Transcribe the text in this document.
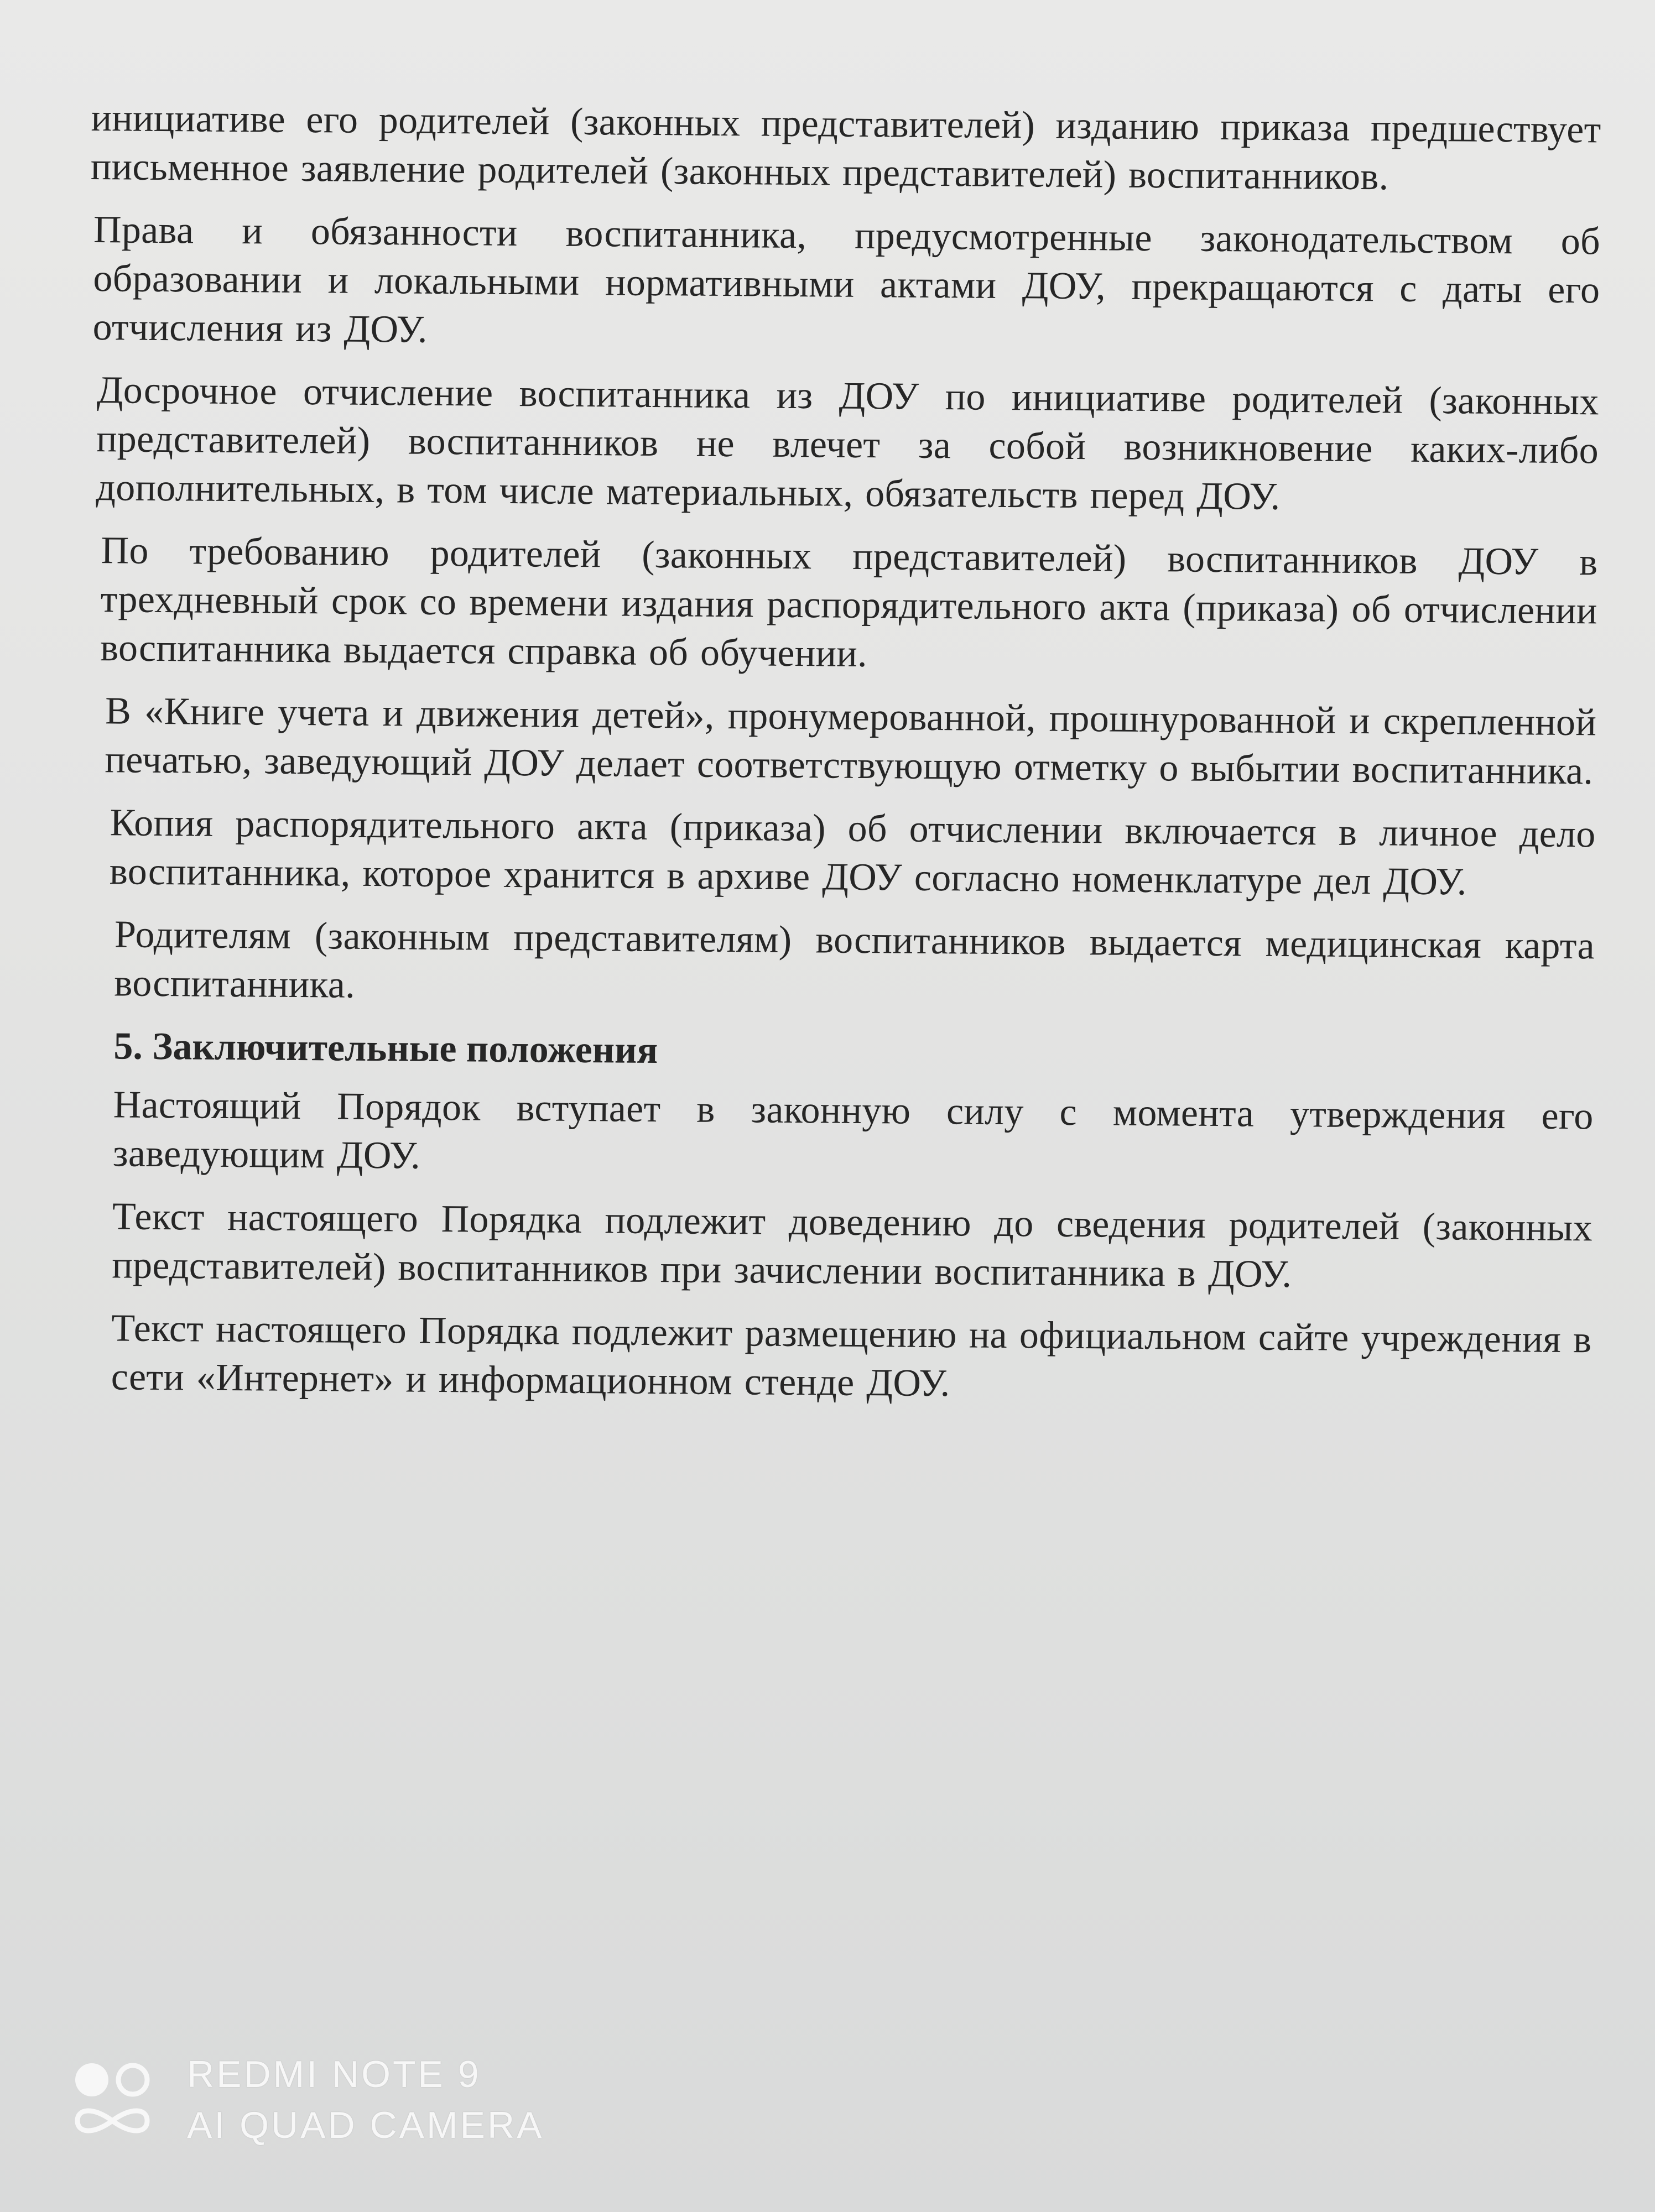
инициативе его родителей (законных представителей) изданию приказа предшествует письменное заявление родителей (законных представителей) воспитанников.

Права и обязанности воспитанника, предусмотренные законодательством об образовании и локальными нормативными актами ДОУ, прекращаются с даты его отчисления из ДОУ.

Досрочное отчисление воспитанника из ДОУ по инициативе родителей (законных представителей) воспитанников не влечет за собой возникновение каких-либо дополнительных, в том числе материальных, обязательств перед ДОУ.

По требованию родителей (законных представителей) воспитанников ДОУ в трехдневный срок со времени издания распорядительного акта (приказа) об отчислении воспитанника выдается справка об обучении.

В «Книге учета и движения детей», пронумерованной, прошнурованной и скрепленной печатью, заведующий ДОУ делает соответствующую отметку о выбытии воспитанника.

Копия распорядительного акта (приказа) об отчислении включается в личное дело воспитанника, которое хранится в архиве ДОУ согласно номенклатуре дел ДОУ.

Родителям (законным представителям) воспитанников выдается медицинская карта воспитанника.

5. Заключительные положения

Настоящий Порядок вступает в законную силу с момента утверждения его заведующим ДОУ.

Текст настоящего Порядка подлежит доведению до сведения родителей (законных представителей) воспитанников при зачислении воспитанника в ДОУ.

Текст настоящего Порядка подлежит размещению на официальном сайте учреждения в сети «Интернет» и информационном стенде ДОУ.

REDMI NOTE 9
AI QUAD CAMERA
